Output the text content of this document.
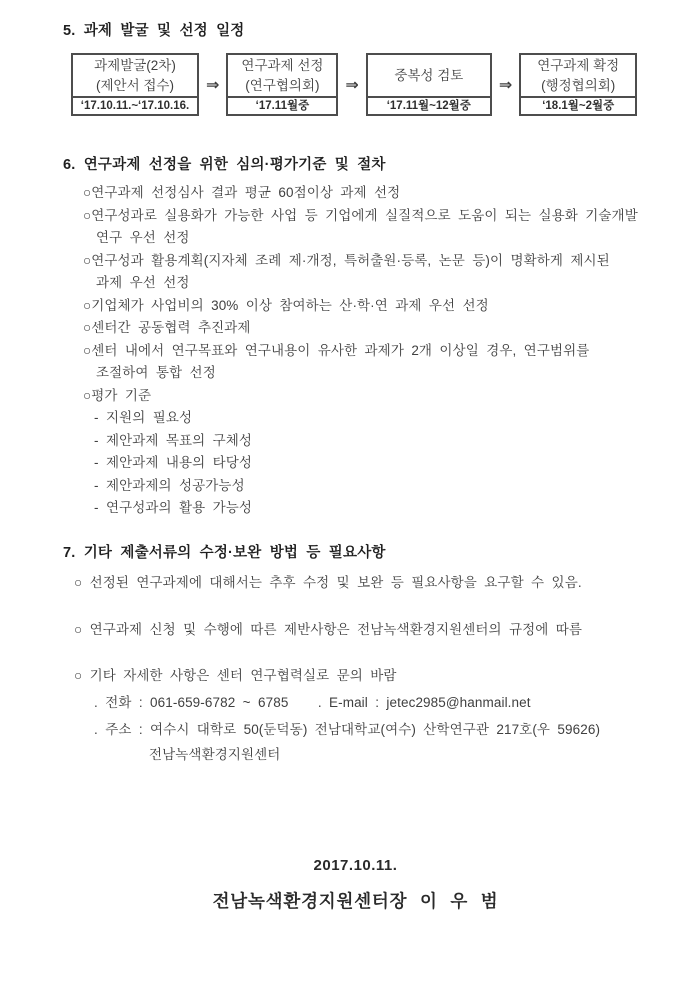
5. 과제 발굴 및 선정 일정
과제발굴(2차)
(제안서 접수)
‘17.10.11.~‘17.10.16.
⇒
연구과제 선정
(연구협의회)
‘17.11월중
⇒
중복성 검토
‘17.11월~12월중
⇒
연구과제 확정
(행정협의회)
‘18.1월~2월중
6. 연구과제 선정을 위한 심의·평가기준 및 절차
○연구과제 선정심사 결과 평균 60점이상 과제 선정
○연구성과로 실용화가 가능한 사업 등 기업에게 실질적으로 도움이 되는 실용화 기술개발
연구 우선 선정
○연구성과 활용계획(지자체 조례 제·개정, 특허출원·등록, 논문 등)이 명확하게 제시된
과제 우선 선정
○기업체가 사업비의 30% 이상 참여하는 산·학·연 과제 우선 선정
○센터간 공동협력 추진과제
○센터 내에서 연구목표와 연구내용이 유사한 과제가 2개 이상일 경우, 연구범위를
조절하여 통합 선정
○평가 기준
- 지원의 필요성
- 제안과제 목표의 구체성
- 제안과제 내용의 타당성
- 제안과제의 성공가능성
- 연구성과의 활용 가능성
7. 기타 제출서류의 수정·보완 방법 등 필요사항
○ 선정된 연구과제에 대해서는 추후 수정 및 보완 등 필요사항을 요구할 수 있음.
○ 연구과제 신청 및 수행에 따른 제반사항은 전남녹색환경지원센터의 규정에 따름
○ 기타 자세한 사항은 센터 연구협력실로 문의 바람
. 전화 : 061-659-6782 ~ 6785    . E-mail : jetec2985@hanmail.net
. 주소 : 여수시 대학로 50(둔덕동) 전남대학교(여수) 산학연구관 217호(우 59626)
전남녹색환경지원센터
2017.10.11.
전남녹색환경지원센터장 이 우 범
